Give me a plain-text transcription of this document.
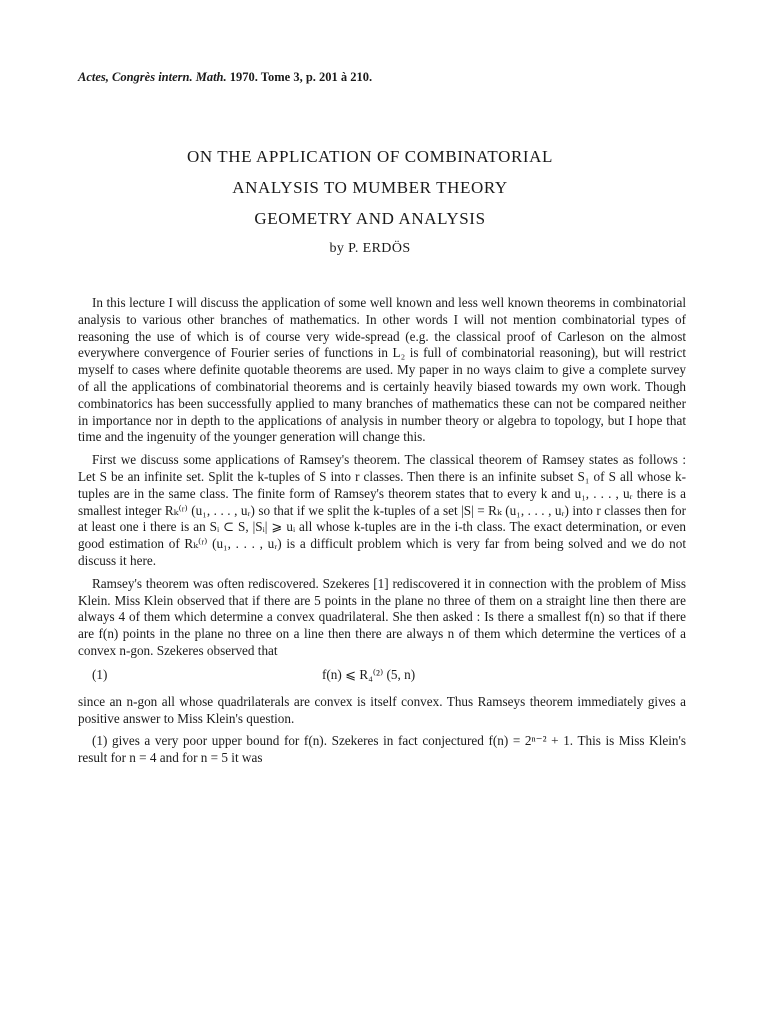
Actes, Congrès intern. Math. 1970. Tome 3, p. 201 à 210.
ON THE APPLICATION OF COMBINATORIAL
ANALYSIS TO MUMBER THEORY
GEOMETRY AND ANALYSIS
by P. ERDÖS

In this lecture I will discuss the application of some well known and less well known theorems in combinatorial analysis to various other branches of mathematics. In other words I will not mention combinatorial types of reasoning the use of which is of course very wide-spread (e.g. the classical proof of Carleson on the almost everywhere convergence of Fourier series of functions in L₂ is full of combinatorial reasoning), but will restrict myself to cases where definite quotable theorems are used. My paper in no ways claim to give a complete survey of all the applications of combinatorial theorems and is certainly heavily biased towards my own work. Though combinatorics has been successfully applied to many branches of mathematics these can not be compared neither in importance nor in depth to the applications of analysis in number theory or algebra to topology, but I hope that time and the ingenuity of the younger generation will change this.

First we discuss some applications of Ramsey's theorem. The classical theorem of Ramsey states as follows : Let S be an infinite set. Split the k-tuples of S into r classes. Then there is an infinite subset S₁ of S all whose k-tuples are in the same class. The finite form of Ramsey's theorem states that to every k and u₁, . . . , uᵣ there is a smallest integer Rₖ⁽ʳ⁾ (u₁, . . . , uᵣ) so that if we split the k-tuples of a set |S| = Rₖ (u₁, . . . , uᵣ) into r classes then for at least one i there is an Sᵢ ⊂ S, |Sᵢ| ⩾ uᵢ all whose k-tuples are in the i-th class. The exact determination, or even good estimation of Rₖ⁽ʳ⁾ (u₁, . . . , uᵣ) is a difficult problem which is very far from being solved and we do not discuss it here.

Ramsey's theorem was often rediscovered. Szekeres [1] rediscovered it in connection with the problem of Miss Klein. Miss Klein observed that if there are 5 points in the plane no three of them on a straight line then there are always 4 of them which determine a convex quadrilateral. She then asked : Is there a smallest f(n) so that if there are f(n) points in the plane no three on a line then there are always n of them which determine the vertices of a convex n-gon. Szekeres observed that

(1)	f(n) ⩽ R₄⁽²⁾ (5, n)

since an n-gon all whose quadrilaterals are convex is itself convex. Thus Ramseys theorem immediately gives a positive answer to Miss Klein's question.

(1) gives a very poor upper bound for f(n). Szekeres in fact conjectured f(n) = 2ⁿ⁻² + 1. This is Miss Klein's result for n = 4 and for n = 5 it was
